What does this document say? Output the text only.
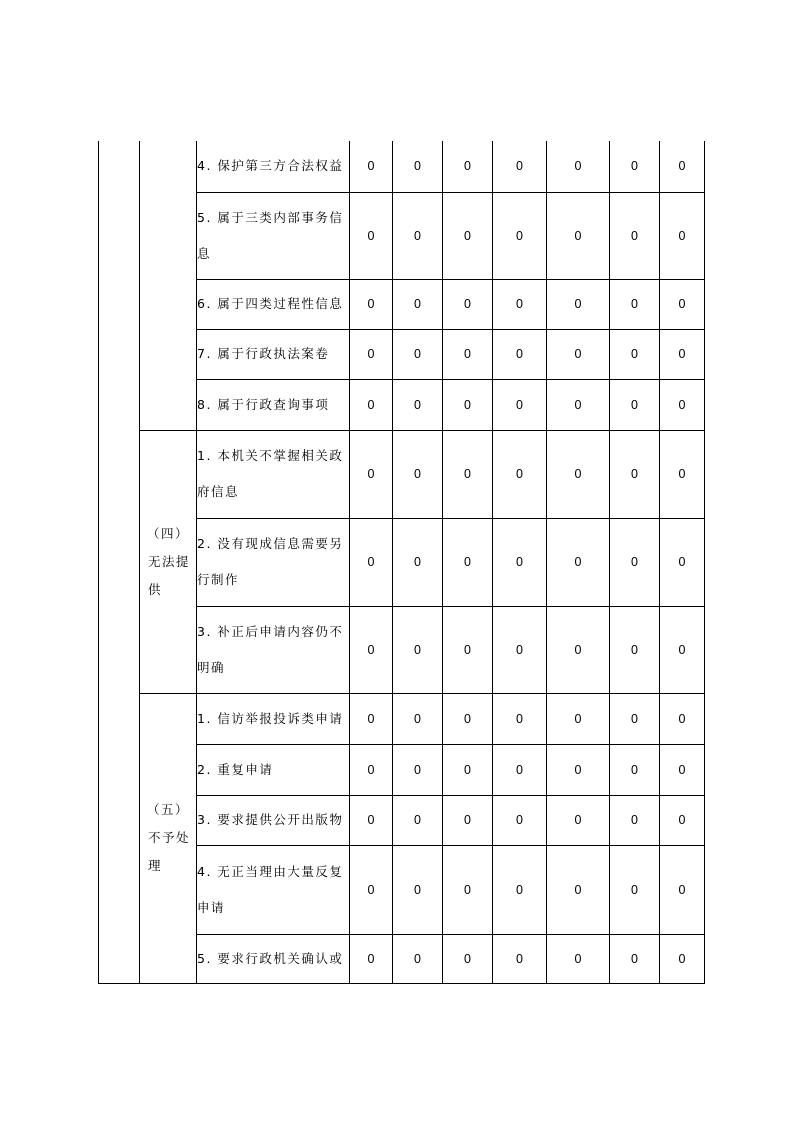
		4. 保护第三方合法权益	0	0	0	0	0	0	0
		5. 属于三类内部事务信息	0	0	0	0	0	0	0
		6. 属于四类过程性信息	0	0	0	0	0	0	0
		7. 属于行政执法案卷	0	0	0	0	0	0	0
		8. 属于行政查询事项	0	0	0	0	0	0	0

	（四）
无法提供	1. 本机关不掌握相关政府信息	0	0	0	0	0	0	0
		2. 没有现成信息需要另行制作	0	0	0	0	0	0	0
		3. 补正后申请内容仍不明确	0	0	0	0	0	0	0

	（五）
不予处理	1. 信访举报投诉类申请	0	0	0	0	0	0	0
		2. 重复申请	0	0	0	0	0	0	0
		3. 要求提供公开出版物	0	0	0	0	0	0	0
		4. 无正当理由大量反复申请	0	0	0	0	0	0	0
		5. 要求行政机关确认或	0	0	0	0	0	0	0
